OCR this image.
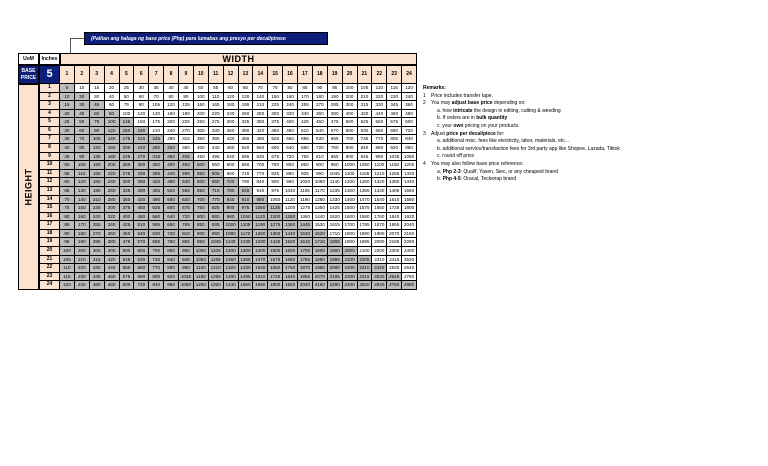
(Palitan ang halaga ng base price (Php) para lumabas ang presyo per decal/piraso
UoM	Inches	WIDTH
BASE PRICE 5
HEIGHT
1	2	3	4	5	6	7	8	9	10	11	12	13	14	15	16	17	18	19	20	21	22	23	24
1	5	10	15	20	25	30	35	40	45	50	55	60	65	70	75	80	85	90	95	100	105	110	115	120
2	10	20	30	40	50	60	70	80	90	100	110	120	130	140	150	160	170	180	190	200	210	220	230	240
3	15	30	45	60	75	90	105	120	135	150	165	180	195	210	225	240	255	270	285	300	315	330	345	360
4	20	40	60	80	100	120	140	160	180	200	220	240	260	280	300	320	340	360	380	400	420	440	460	480
5	25	50	75	100	125	150	175	200	225	250	275	300	325	350	375	400	425	450	475	500	525	550	575	600
6	30	60	90	120	150	180	210	240	270	300	330	360	390	420	450	480	510	540	570	600	630	660	690	720
7	35	70	105	140	175	210	245	280	315	350	385	420	455	490	525	560	595	630	665	700	735	770	805	840
8	40	80	120	160	200	240	280	320	360	400	440	480	520	560	600	640	680	720	760	800	840	880	920	960
9	45	90	135	180	225	270	315	360	405	450	495	540	585	630	675	720	765	810	855	900	945	990	1035	1080
10	50	100	150	200	250	300	350	400	450	500	550	600	650	700	750	800	850	900	950	1000	1050	1100	1150	1200
11	55	110	165	220	275	330	385	440	495	550	605	660	715	770	825	880	935	990	1045	1100	1155	1210	1265	1320
12	60	120	180	240	300	360	420	480	540	600	660	720	780	840	900	960	1020	1080	1140	1200	1260	1320	1380	1440
13	65	130	195	260	325	390	455	520	585	650	715	780	845	910	975	1040	1105	1170	1235	1300	1365	1430	1495	1560
14	70	140	210	280	350	420	490	560	630	700	770	840	910	980	1050	1120	1190	1260	1330	1400	1470	1540	1610	1680
15	75	150	225	300	375	450	525	600	675	750	825	900	975	1050	1125	1200	1275	1350	1425	1500	1575	1650	1725	1800
16	80	160	240	320	400	480	560	640	720	800	880	960	1040	1120	1200	1280	1360	1440	1520	1600	1680	1760	1840	1920
17	85	170	255	340	425	510	595	680	765	850	935	1020	1105	1190	1275	1360	1445	1530	1615	1700	1785	1870	1955	2040
18	90	180	270	360	450	540	630	720	810	900	990	1080	1170	1260	1350	1440	1530	1620	1710	1800	1890	1980	2070	2160
19	95	190	285	380	475	570	665	760	855	950	1045	1140	1235	1330	1425	1520	1615	1710	1805	1900	1995	2090	2185	2280
20	100	200	300	400	500	600	700	800	900	1000	1100	1200	1300	1400	1500	1600	1700	1800	1900	2000	2100	2200	2300	2400
21	105	210	315	420	525	630	735	840	945	1050	1155	1260	1365	1470	1575	1680	1785	1890	1995	2100	2205	2310	2415	2520
22	110	220	330	440	550	660	770	880	990	1100	1210	1320	1430	1540	1650	1760	1870	1980	2090	2200	2310	2420	2530	2640
23	115	230	345	460	575	690	805	920	1035	1150	1265	1380	1495	1610	1725	1840	1955	2070	2185	2300	2415	2530	2645	2760
24	120	240	360	480	600	720	840	960	1080	1200	1320	1440	1560	1680	1800	1920	2040	2160	2280	2400	2520	2640	2760	2880
Remarks:
1 Price includes transfer tape.
2 You may adjust base price depending on:
a. how intricate the design in editing, cutting & weeding
b. If orders are in bulk quantity
c. your own pricing on your products.
3 Adjust price per decal/piece for:
a. additional misc. fees like electricity, labor, materials, etc...
b. additional service/transfaction fees for 3rd party app like Shopee, Lazada, Tiktok
c. round off price
4 You may also follow base price reference:
a. Php 2-3: Qualif, Yasen, Siec, or any cheapest brand
b. Php 4-5: Oracal, Teckwrap brand
